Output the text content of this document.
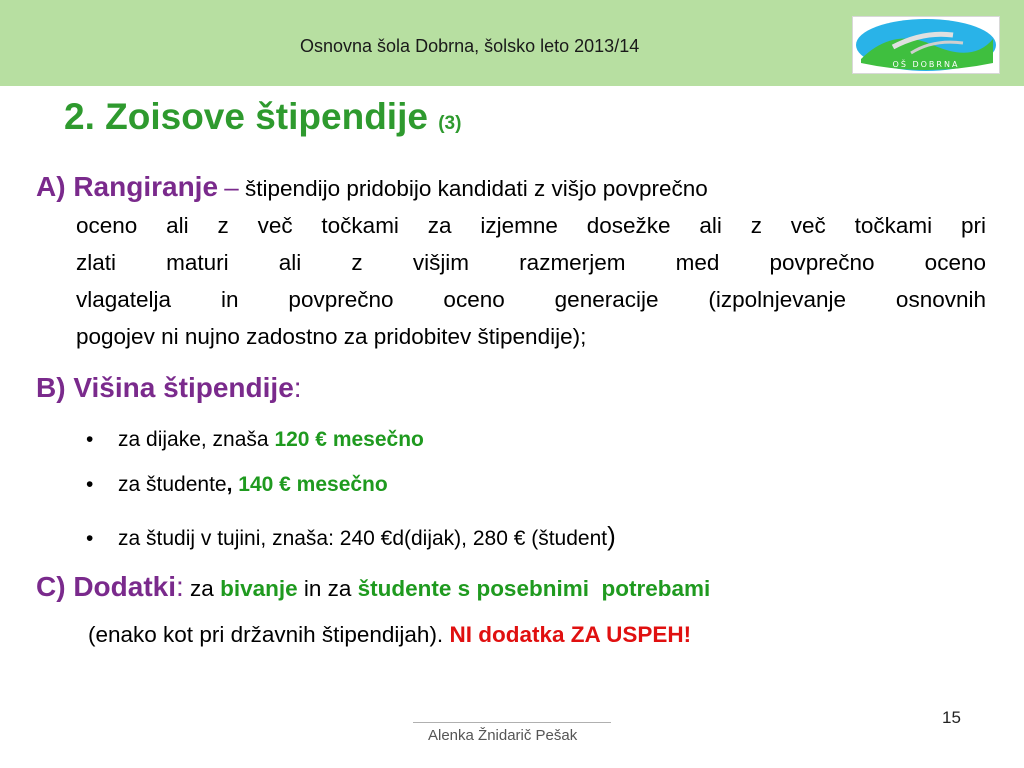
Osnovna šola Dobrna, šolsko leto 2013/14
OŠ DOBRNA
2. Zoisove štipendije (3)
A) Rangiranje – štipendijo pridobijo kandidati z višjo povprečno
oceno ali z več točkami za izjemne dosežke ali z več točkami pri
zlati maturi ali z višjim razmerjem med povprečno oceno
vlagatelja in povprečno oceno generacije (izpolnjevanje osnovnih
pogojev ni nujno zadostno za pridobitev štipendije);
B) Višina štipendije:
• za dijake, znaša 120 € mesečno
• za študente, 140 € mesečno
• za študij v tujini, znaša: 240 €d(dijak), 280 € (študent)
C) Dodatki: za bivanje in za študente s posebnimi  potrebami
(enako kot pri državnih štipendijah). NI dodatka ZA USPEH!
Alenka Žnidarič Pešak
15
